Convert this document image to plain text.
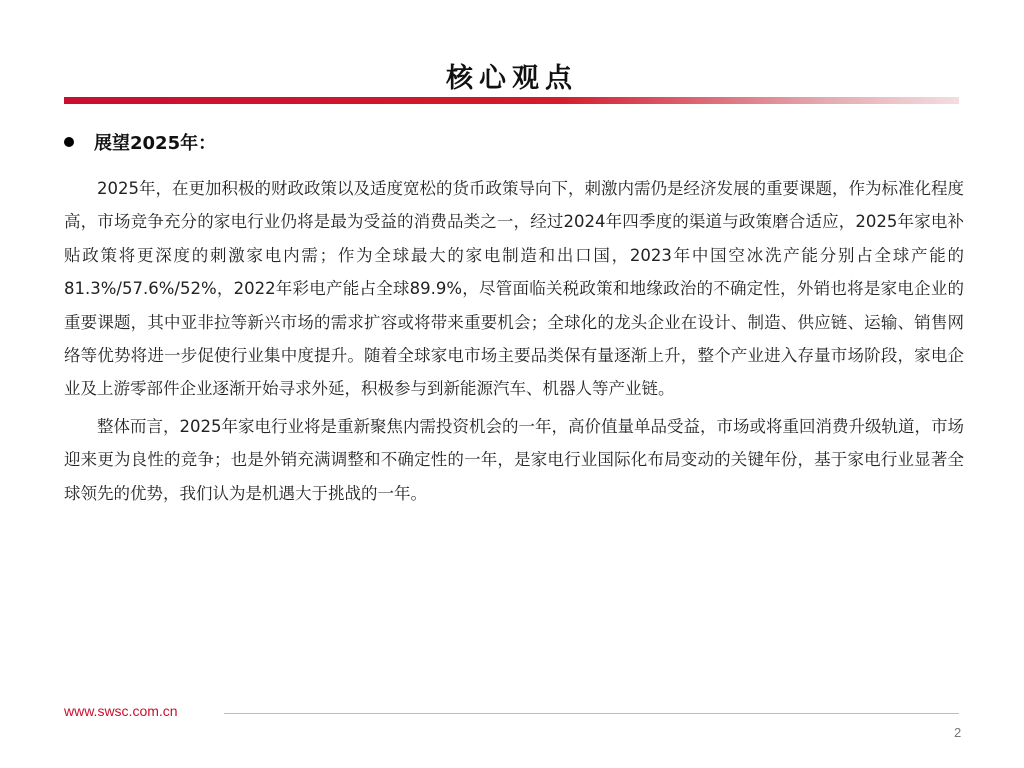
核心观点
展望2025年：

2025年，在更加积极的财政政策以及适度宽松的货币政策导向下，刺激内需仍是经济发展的重要课题，作为标准化程度高，市场竞争充分的家电行业仍将是最为受益的消费品类之一，经过2024年四季度的渠道与政策磨合适应，2025年家电补贴政策将更深度的刺激家电内需；作为全球最大的家电制造和出口国，2023年中国空冰洗产能分别占全球产能的81.3%/57.6%/52%，2022年彩电产能占全球89.9%，尽管面临关税政策和地缘政治的不确定性，外销也将是家电企业的重要课题，其中亚非拉等新兴市场的需求扩容或将带来重要机会；全球化的龙头企业在设计、制造、供应链、运输、销售网络等优势将进一步促使行业集中度提升。随着全球家电市场主要品类保有量逐渐上升，整个产业进入存量市场阶段，家电企业及上游零部件企业逐渐开始寻求外延，积极参与到新能源汽车、机器人等产业链。

整体而言，2025年家电行业将是重新聚焦内需投资机会的一年，高价值量单品受益，市场或将重回消费升级轨道，市场迎来更为良性的竞争；也是外销充满调整和不确定性的一年，是家电行业国际化布局变动的关键年份，基于家电行业显著全球领先的优势，我们认为是机遇大于挑战的一年。

www.swsc.com.cn
2
